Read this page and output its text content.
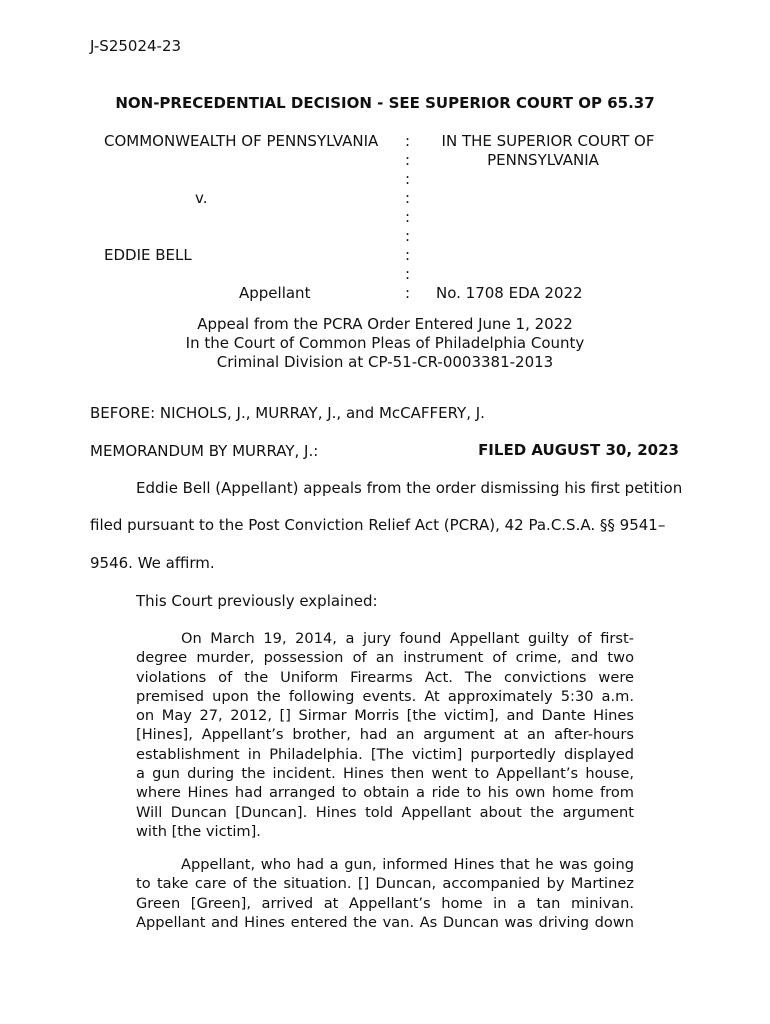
J-S25024-23
NON-PRECEDENTIAL DECISION - SEE SUPERIOR COURT OP 65.37
COMMONWEALTH OF PENNSYLVANIA
v.
EDDIE BELL
Appellant
:
:
:
:
:
:
:
:
:
IN THE SUPERIOR COURT OF
PENNSYLVANIA
No. 1708 EDA 2022
Appeal from the PCRA Order Entered June 1, 2022
In the Court of Common Pleas of Philadelphia County
Criminal Division at CP-51-CR-0003381-2013
BEFORE: NICHOLS, J., MURRAY, J., and McCAFFERY, J.
MEMORANDUM BY MURRAY, J.:	FILED AUGUST 30, 2023
Eddie Bell (Appellant) appeals from the order dismissing his first petition
filed pursuant to the Post Conviction Relief Act (PCRA), 42 Pa.C.S.A. §§ 9541–
9546. We affirm.
This Court previously explained:
On March 19, 2014, a jury found Appellant guilty of first-
degree murder, possession of an instrument of crime, and two
violations of the Uniform Firearms Act. The convictions were
premised upon the following events. At approximately 5:30 a.m.
on May 27, 2012, [] Sirmar Morris [the victim], and Dante Hines
[Hines], Appellant’s brother, had an argument at an after-hours
establishment in Philadelphia. [The victim] purportedly displayed
a gun during the incident. Hines then went to Appellant’s house,
where Hines had arranged to obtain a ride to his own home from
Will Duncan [Duncan]. Hines told Appellant about the argument
with [the victim].
Appellant, who had a gun, informed Hines that he was going
to take care of the situation. [] Duncan, accompanied by Martinez
Green [Green], arrived at Appellant’s home in a tan minivan.
Appellant and Hines entered the van. As Duncan was driving down
